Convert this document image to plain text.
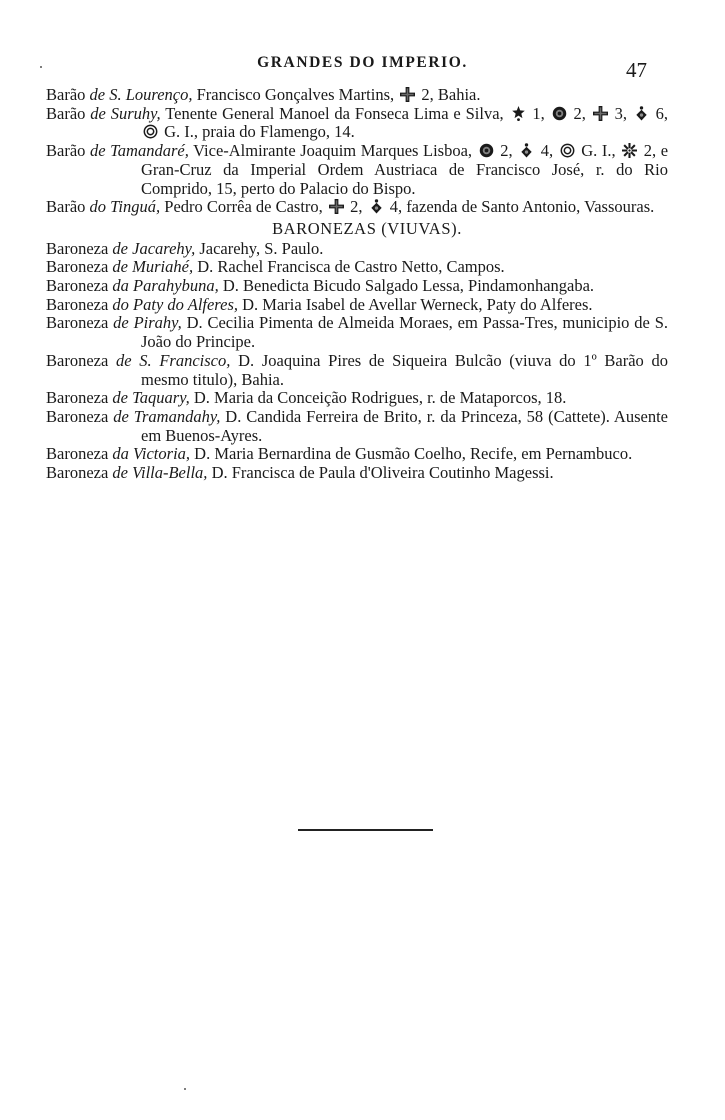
GRANDES DO IMPERIO.	47
Barão de S. Lourenço, Francisco Gonçalves Martins,
2, Bahia.
Barão de Suruhy, Tenente General Manoel da Fonseca Lima e Silva,
1,
2,
3,
6,
G. I., praia do Flamengo, 14.
Barão de Tamandaré, Vice-Almirante Joaquim Marques Lisboa,
2,
4,
G. I.,
2, e Gran-Cruz da Imperial Ordem Austriaca de Francisco José, r. do Rio Comprido, 15, perto do Palacio do Bispo.
Barão do Tinguá, Pedro Corrêa de Castro,
2,
4, fazenda de Santo Antonio, Vassouras.
BARONEZAS (VIUVAS).
Baroneza de Jacarehy, Jacarehy, S. Paulo.
Baroneza de Muriahé, D. Rachel Francisca de Castro Netto, Campos.
Baroneza da Parahybuna, D. Benedicta Bicudo Salgado Lessa, Pindamonhangaba.
Baroneza do Paty do Alferes, D. Maria Isabel de Avellar Werneck, Paty do Alferes.
Baroneza de Pirahy, D. Cecilia Pimenta de Almeida Moraes, em Passa-Tres, municipio de S. João do Principe.
Baroneza de S. Francisco, D. Joaquina Pires de Siqueira Bulcão (viuva do 1º Barão do mesmo titulo), Bahia.
Baroneza de Taquary, D. Maria da Conceição Rodrigues, r. de Mataporcos, 18.
Baroneza de Tramandahy, D. Candida Ferreira de Brito, r. da Princeza, 58 (Cattete). Ausente em Buenos-Ayres.
Baroneza da Victoria, D. Maria Bernardina de Gusmão Coelho, Recife, em Pernambuco.
Baroneza de Villa-Bella, D. Francisca de Paula d'Oliveira Coutinho Magessi.
